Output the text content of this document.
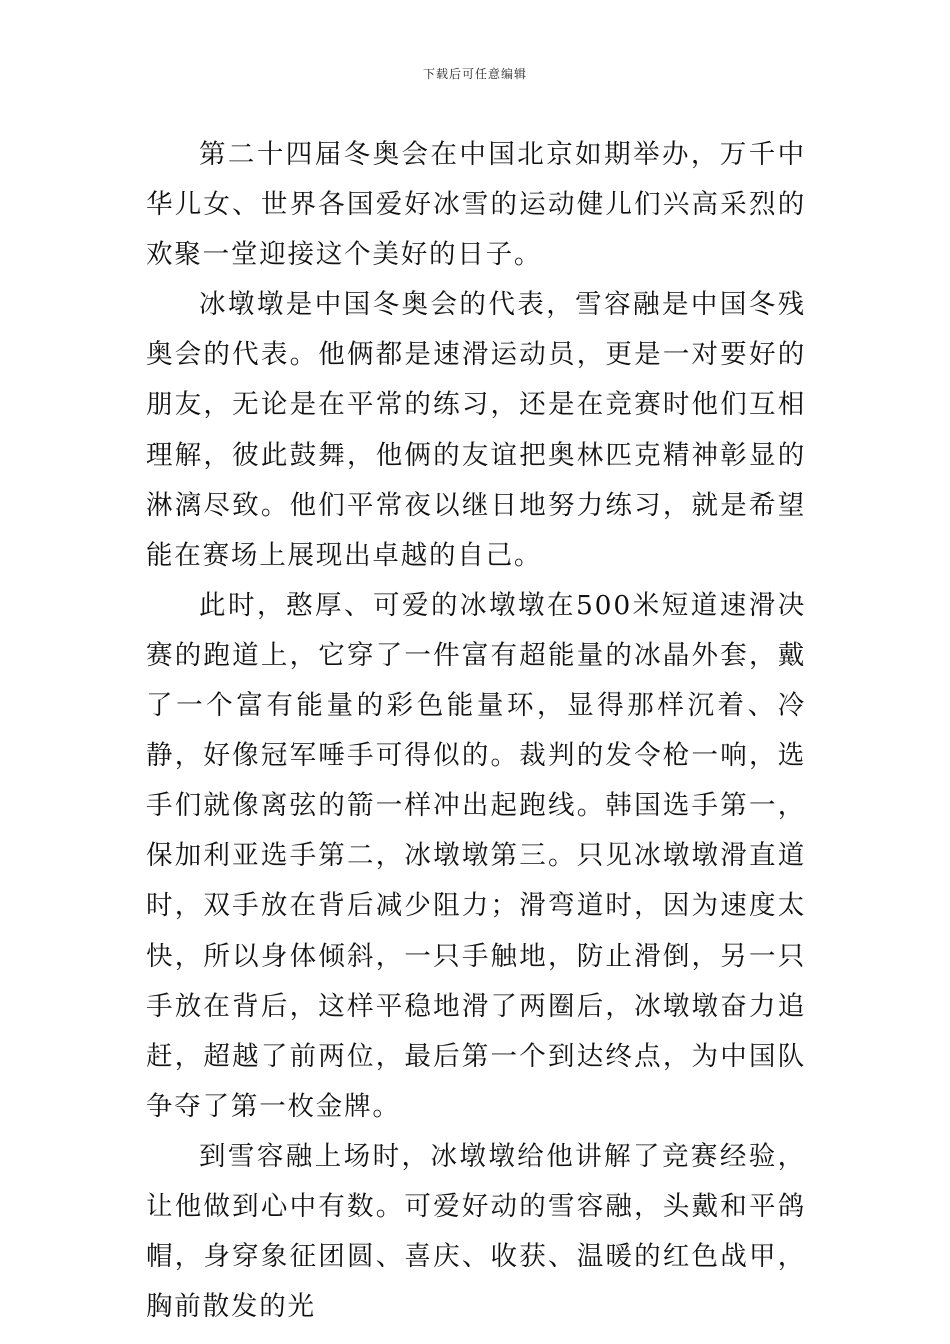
下载后可任意编辑

第二十四届冬奥会在中国北京如期举办，万千中华儿女、世界各国爱好冰雪的运动健儿们兴高采烈的欢聚一堂迎接这个美好的日子。

冰墩墩是中国冬奥会的代表，雪容融是中国冬残奥会的代表。他俩都是速滑运动员，更是一对要好的朋友，无论是在平常的练习，还是在竞赛时他们互相理解，彼此鼓舞，他俩的友谊把奥林匹克精神彰显的淋漓尽致。他们平常夜以继日地努力练习，就是希望能在赛场上展现出卓越的自己。

此时，憨厚、可爱的冰墩墩在500米短道速滑决赛的跑道上，它穿了一件富有超能量的冰晶外套，戴了一个富有能量的彩色能量环，显得那样沉着、冷静，好像冠军唾手可得似的。裁判的发令枪一响，选手们就像离弦的箭一样冲出起跑线。韩国选手第一，保加利亚选手第二，冰墩墩第三。只见冰墩墩滑直道时，双手放在背后减少阻力；滑弯道时，因为速度太快，所以身体倾斜，一只手触地，防止滑倒，另一只手放在背后，这样平稳地滑了两圈后，冰墩墩奋力追赶，超越了前两位，最后第一个到达终点，为中国队争夺了第一枚金牌。

到雪容融上场时，冰墩墩给他讲解了竞赛经验，让他做到心中有数。可爱好动的雪容融，头戴和平鸽帽，身穿象征团圆、喜庆、收获、温暖的红色战甲，胸前散发的光
